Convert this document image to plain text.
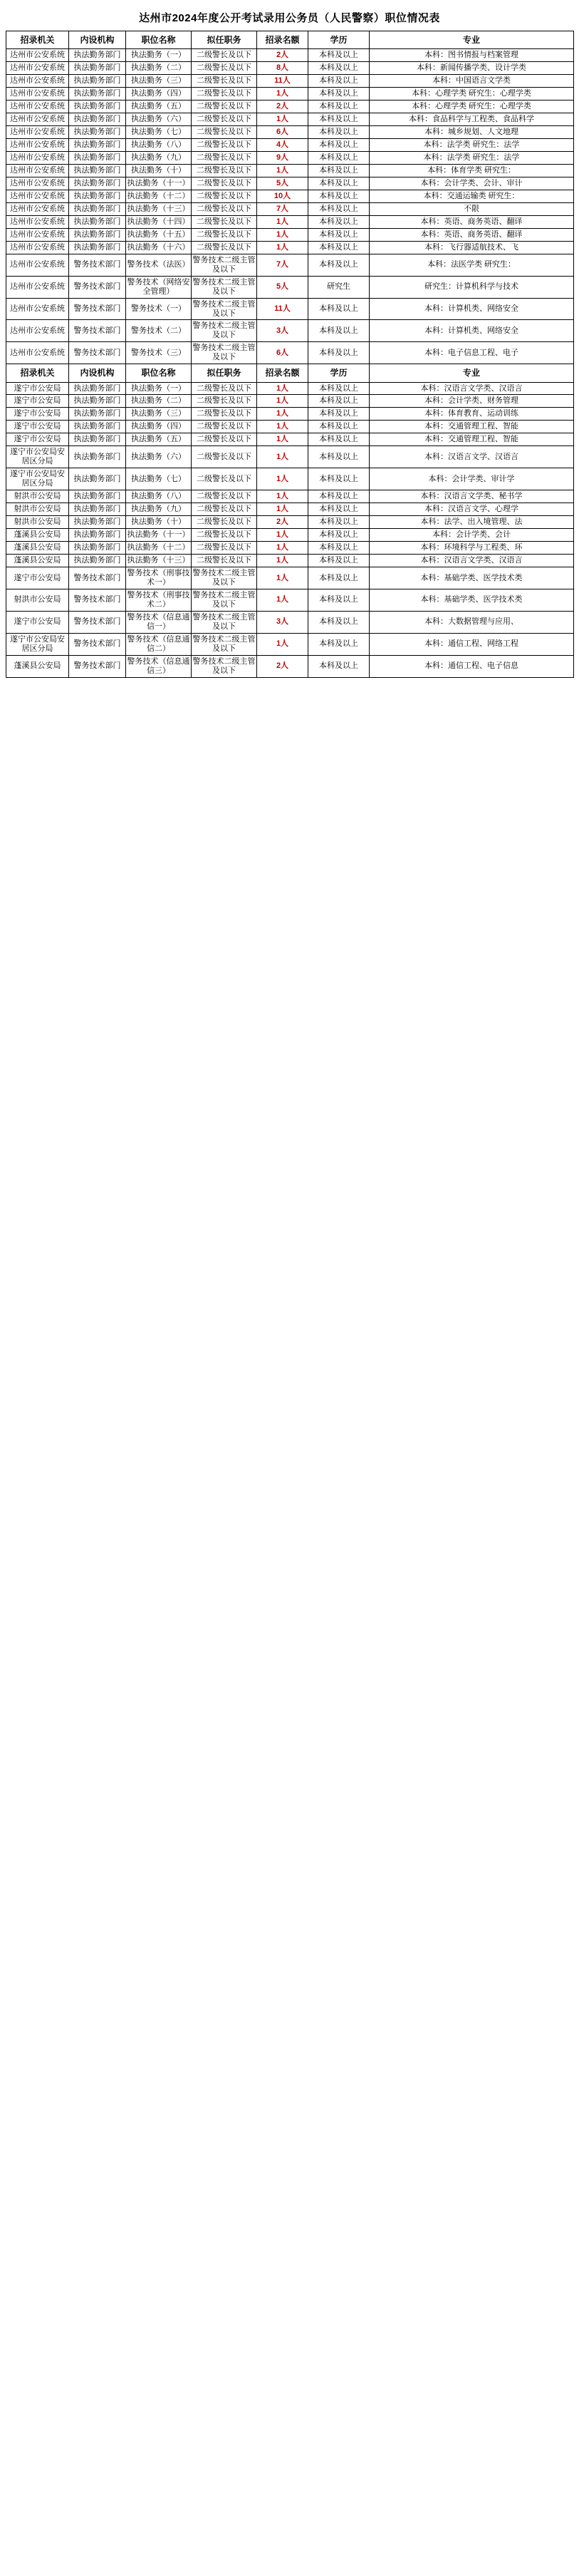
达州市2024年度公开考试录用公务员（人民警察）职位情况表
招录机关	内设机构	职位名称	拟任职务	招录名额	学历	专业
达州市公安系统	执法勤务部门	执法勤务（一）	二级警长及以下	2人	本科及以上	本科：图书情报与档案管理
达州市公安系统	执法勤务部门	执法勤务（二）	二级警长及以下	8人	本科及以上	本科：新闻传播学类、设计学类
达州市公安系统	执法勤务部门	执法勤务（三）	二级警长及以下	11人	本科及以上	本科：中国语言文学类
达州市公安系统	执法勤务部门	执法勤务（四）	二级警长及以下	1人	本科及以上	本科：心理学类 研究生：心理学类
达州市公安系统	执法勤务部门	执法勤务（五）	二级警长及以下	2人	本科及以上	本科：心理学类 研究生：心理学类
达州市公安系统	执法勤务部门	执法勤务（六）	二级警长及以下	1人	本科及以上	本科：食品科学与工程类、食品科学
达州市公安系统	执法勤务部门	执法勤务（七）	二级警长及以下	6人	本科及以上	本科：城乡规划、人文地理
达州市公安系统	执法勤务部门	执法勤务（八）	二级警长及以下	4人	本科及以上	本科：法学类 研究生：法学
达州市公安系统	执法勤务部门	执法勤务（九）	二级警长及以下	9人	本科及以上	本科：法学类 研究生：法学
达州市公安系统	执法勤务部门	执法勤务（十）	二级警长及以下	1人	本科及以上	本科：体育学类 研究生：
达州市公安系统	执法勤务部门	执法勤务（十一）	二级警长及以下	5人	本科及以上	本科：会计学类、会计、审计
达州市公安系统	执法勤务部门	执法勤务（十二）	二级警长及以下	10人	本科及以上	本科：交通运输类 研究生：
达州市公安系统	执法勤务部门	执法勤务（十三）	二级警长及以下	7人	本科及以上	不限
达州市公安系统	执法勤务部门	执法勤务（十四）	二级警长及以下	1人	本科及以上	本科：英语、商务英语、翻译
达州市公安系统	执法勤务部门	执法勤务（十五）	二级警长及以下	1人	本科及以上	本科：英语、商务英语、翻译
达州市公安系统	执法勤务部门	执法勤务（十六）	二级警长及以下	1人	本科及以上	本科：飞行器适航技术、飞
达州市公安系统	警务技术部门	警务技术（法医）	警务技术二级主管及以下	7人	本科及以上	本科：法医学类 研究生：
达州市公安系统	警务技术部门	警务技术（网络安全管理）	警务技术二级主管及以下	5人	研究生	研究生：计算机科学与技术
达州市公安系统	警务技术部门	警务技术（一）	警务技术二级主管及以下	11人	本科及以上	本科：计算机类、网络安全
达州市公安系统	警务技术部门	警务技术（二）	警务技术二级主管及以下	3人	本科及以上	本科：计算机类、网络安全
达州市公安系统	警务技术部门	警务技术（三）	警务技术二级主管及以下	6人	本科及以上	本科：电子信息工程、电子
招录机关	内设机构	职位名称	拟任职务	招录名额	学历	专业
遂宁市公安局	执法勤务部门	执法勤务（一）	二级警长及以下	1人	本科及以上	本科：汉语言文学类、汉语言
遂宁市公安局	执法勤务部门	执法勤务（二）	二级警长及以下	1人	本科及以上	本科：会计学类、财务管理
遂宁市公安局	执法勤务部门	执法勤务（三）	二级警长及以下	1人	本科及以上	本科：体育教育、运动训练
遂宁市公安局	执法勤务部门	执法勤务（四）	二级警长及以下	1人	本科及以上	本科：交通管理工程、智能
遂宁市公安局	执法勤务部门	执法勤务（五）	二级警长及以下	1人	本科及以上	本科：交通管理工程、智能
遂宁市公安局安居区分局	执法勤务部门	执法勤务（六）	二级警长及以下	1人	本科及以上	本科：汉语言文学、汉语言
遂宁市公安局安居区分局	执法勤务部门	执法勤务（七）	二级警长及以下	1人	本科及以上	本科：会计学类、审计学
射洪市公安局	执法勤务部门	执法勤务（八）	二级警长及以下	1人	本科及以上	本科：汉语言文学类、秘书学
射洪市公安局	执法勤务部门	执法勤务（九）	二级警长及以下	1人	本科及以上	本科：汉语言文学、心理学
射洪市公安局	执法勤务部门	执法勤务（十）	二级警长及以下	2人	本科及以上	本科：法学、出入境管理、法
蓬溪县公安局	执法勤务部门	执法勤务（十一）	二级警长及以下	1人	本科及以上	本科：会计学类、会计
蓬溪县公安局	执法勤务部门	执法勤务（十二）	二级警长及以下	1人	本科及以上	本科：环境科学与工程类、环
蓬溪县公安局	执法勤务部门	执法勤务（十三）	二级警长及以下	1人	本科及以上	本科：汉语言文学类、汉语言
遂宁市公安局	警务技术部门	警务技术（刑事技术一）	警务技术二级主管及以下	1人	本科及以上	本科：基础学类、医学技术类
射洪市公安局	警务技术部门	警务技术（刑事技术二）	警务技术二级主管及以下	1人	本科及以上	本科：基础学类、医学技术类
遂宁市公安局	警务技术部门	警务技术（信息通信一）	警务技术二级主管及以下	3人	本科及以上	本科：大数据管理与应用、
遂宁市公安局安居区分局	警务技术部门	警务技术（信息通信二）	警务技术二级主管及以下	1人	本科及以上	本科：通信工程、网络工程
蓬溪县公安局	警务技术部门	警务技术（信息通信三）	警务技术二级主管及以下	2人	本科及以上	本科：通信工程、电子信息
